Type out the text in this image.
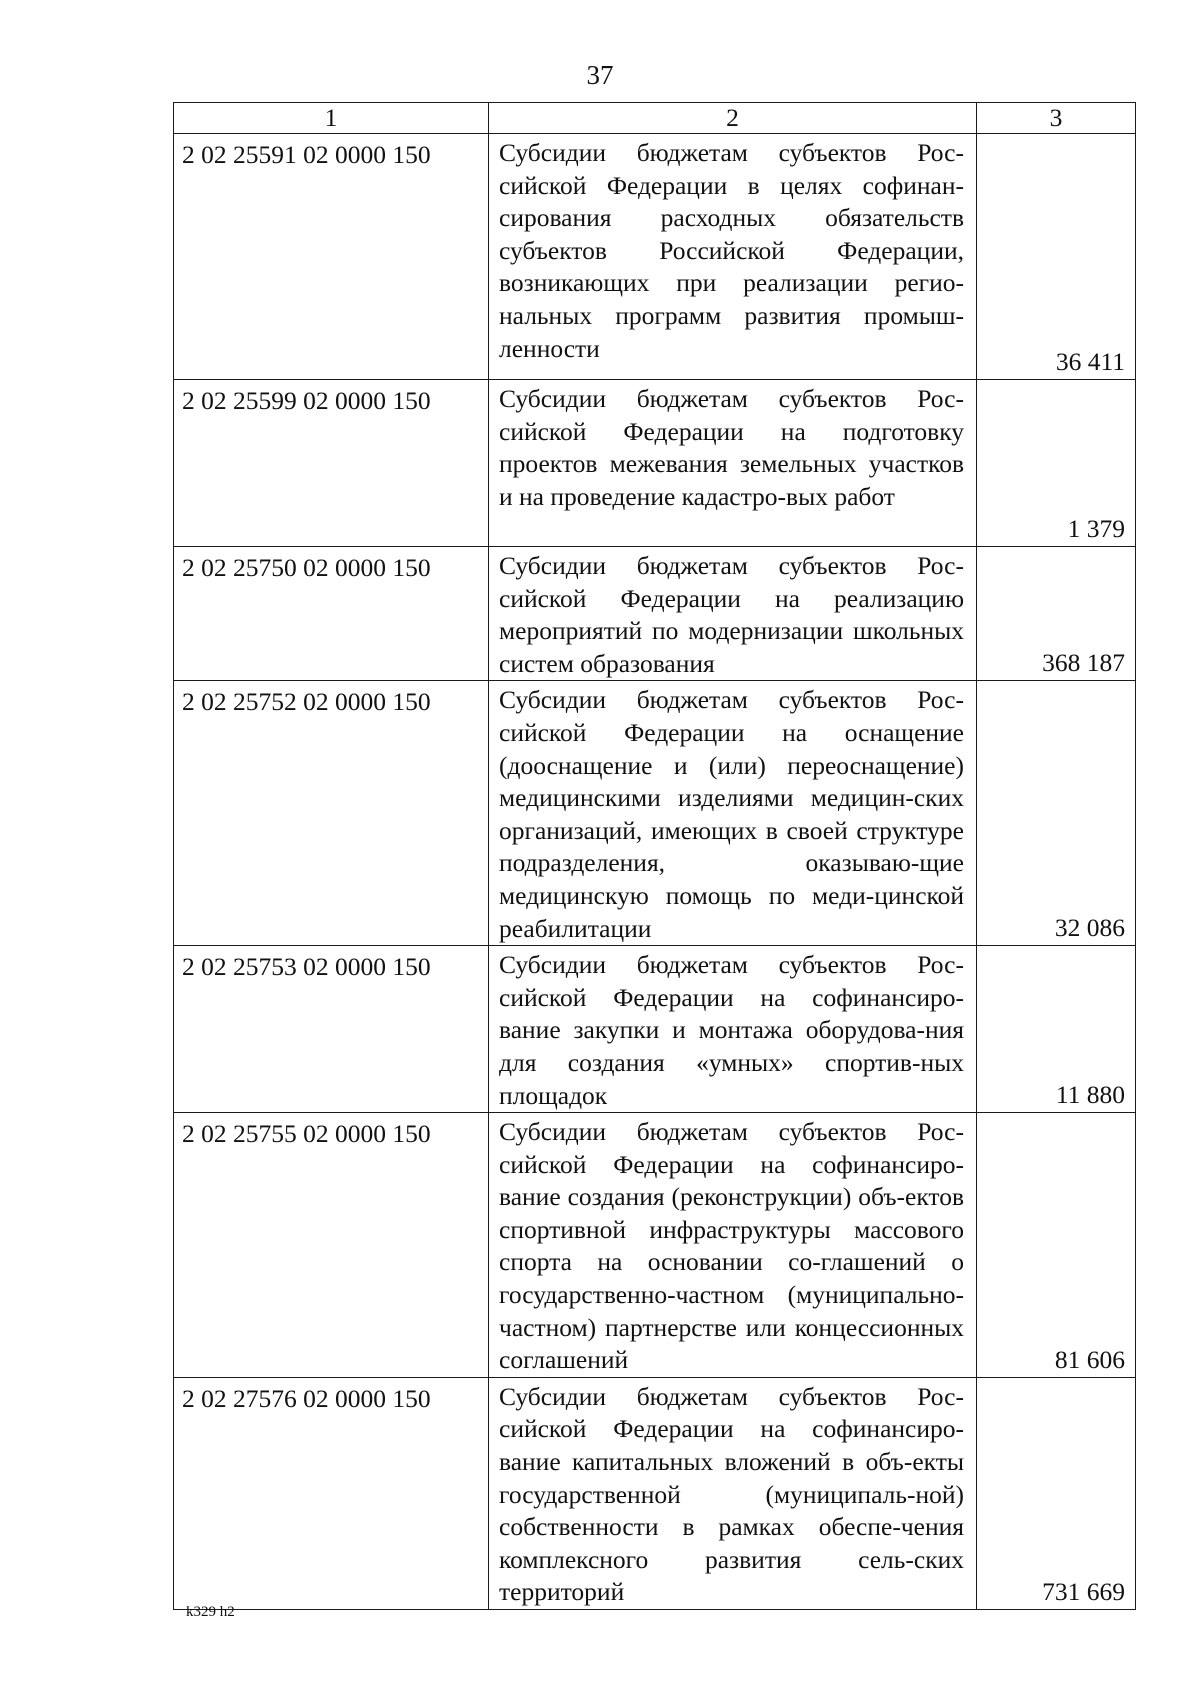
37
1	2	3
2 02 25591 02 0000 150	Субсидии бюджетам субъектов Рос-сийской Федерации в целях софинан-сирования расходных обязательств субъектов Российской Федерации, возникающих при реализации регио-нальных программ развития промыш-ленности	36 411
2 02 25599 02 0000 150	Субсидии бюджетам субъектов Рос-сийской Федерации на подготовку проектов межевания земельных участков и на проведение кадастро-вых работ	1 379
2 02 25750 02 0000 150	Субсидии бюджетам субъектов Рос-сийской Федерации на реализацию мероприятий по модернизации школьных систем образования	368 187
2 02 25752 02 0000 150	Субсидии бюджетам субъектов Рос-сийской Федерации на оснащение (дооснащение и (или) переоснащение) медицинскими изделиями медицин-ских организаций, имеющих в своей структуре подразделения, оказываю-щие медицинскую помощь по меди-цинской реабилитации	32 086
2 02 25753 02 0000 150	Субсидии бюджетам субъектов Рос-сийской Федерации на софинансиро-вание закупки и монтажа оборудова-ния для создания «умных» спортив-ных площадок	11 880
2 02 25755 02 0000 150	Субсидии бюджетам субъектов Рос-сийской Федерации на софинансиро-вание создания (реконструкции) объ-ектов спортивной инфраструктуры массового спорта на основании со-глашений о государственно-частном (муниципально-частном) партнерстве или концессионных соглашений	81 606
2 02 27576 02 0000 150	Субсидии бюджетам субъектов Рос-сийской Федерации на софинансиро-вание капитальных вложений в объ-екты государственной (муниципаль-ной) собственности в рамках обеспе-чения комплексного развития сель-ских территорий	731 669
k329 h2
